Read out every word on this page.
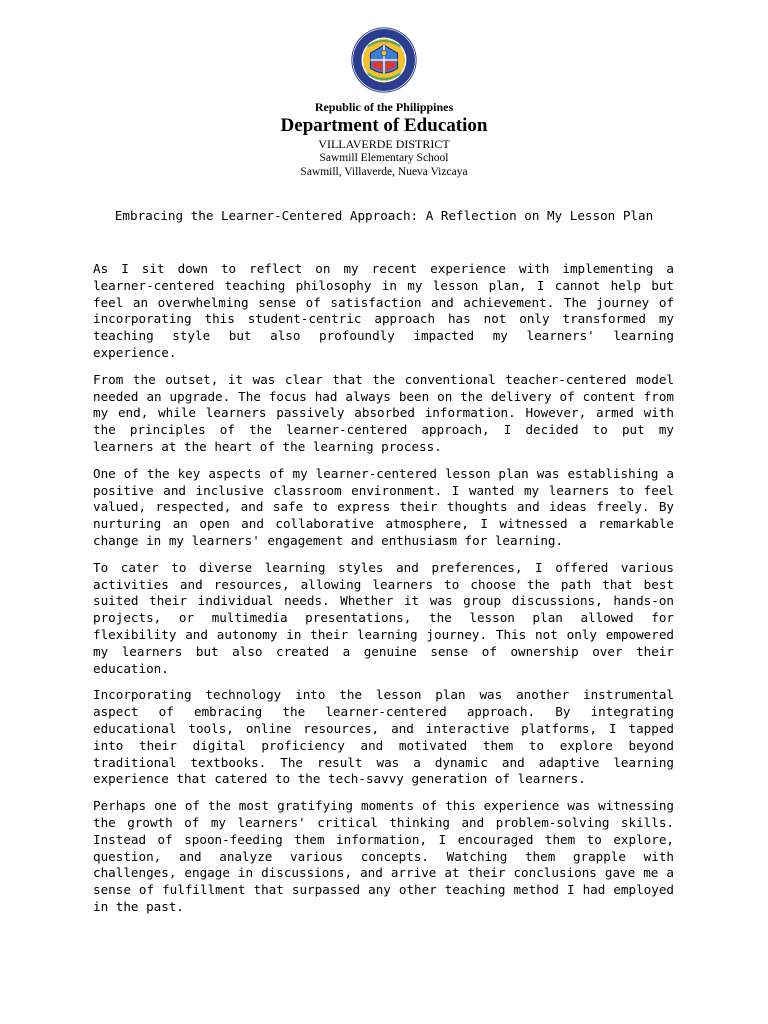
Republic of the Philippines
Department of Education
VILLAVERDE DISTRICT
Sawmill Elementary School
Sawmill, Villaverde, Nueva Vizcaya
Embracing the Learner-Centered Approach: A Reflection on My Lesson Plan

As I sit down to reflect on my recent experience with implementing a learner-centered teaching philosophy in my lesson plan, I cannot help but feel an overwhelming sense of satisfaction and achievement. The journey of incorporating this student-centric approach has not only transformed my teaching style but also profoundly impacted my learners' learning experience.

From the outset, it was clear that the conventional teacher-centered model needed an upgrade. The focus had always been on the delivery of content from my end, while learners passively absorbed information. However, armed with the principles of the learner-centered approach, I decided to put my learners at the heart of the learning process.

One of the key aspects of my learner-centered lesson plan was establishing a positive and inclusive classroom environment. I wanted my learners to feel valued, respected, and safe to express their thoughts and ideas freely. By nurturing an open and collaborative atmosphere, I witnessed a remarkable change in my learners' engagement and enthusiasm for learning.

To cater to diverse learning styles and preferences, I offered various activities and resources, allowing learners to choose the path that best suited their individual needs. Whether it was group discussions, hands-on projects, or multimedia presentations, the lesson plan allowed for flexibility and autonomy in their learning journey. This not only empowered my learners but also created a genuine sense of ownership over their education.

Incorporating technology into the lesson plan was another instrumental aspect of embracing the learner-centered approach. By integrating educational tools, online resources, and interactive platforms, I tapped into their digital proficiency and motivated them to explore beyond traditional textbooks. The result was a dynamic and adaptive learning experience that catered to the tech-savvy generation of learners.

Perhaps one of the most gratifying moments of this experience was witnessing the growth of my learners' critical thinking and problem-solving skills. Instead of spoon-feeding them information, I encouraged them to explore, question, and analyze various concepts. Watching them grapple with challenges, engage in discussions, and arrive at their conclusions gave me a sense of fulfillment that surpassed any other teaching method I had employed in the past.
